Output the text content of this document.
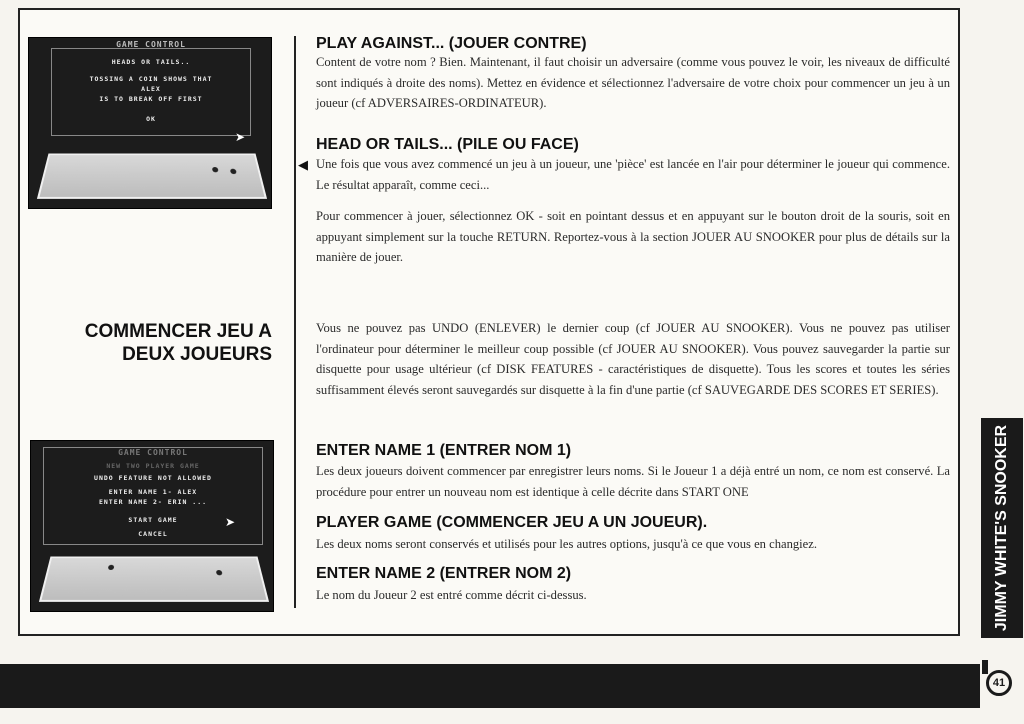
GAME CONTROL
HEADS OR TAILS..
TOSSING A COIN SHOWS THAT
ALEX
IS TO BREAK OFF FIRST
OK
➤
COMMENCER JEU A
DEUX JOUEURS
GAME CONTROL
NEW TWO PLAYER GAME
UNDO FEATURE NOT ALLOWED
ENTER NAME 1- ALEX
ENTER NAME 2- ERIN ...
START GAME
CANCEL
➤
PLAY AGAINST... (JOUER CONTRE)
Content de votre nom ? Bien. Maintenant, il faut choisir un adversaire (comme vous pouvez le voir, les niveaux de difficulté sont indiqués à droite des noms). Mettez en évidence et sélectionnez l'adversaire de votre choix pour commencer un jeu à un joueur (cf ADVERSAIRES-ORDINATEUR).
HEAD OR TAILS... (PILE OU FACE)
◀ Une fois que vous avez commencé un jeu à un joueur, une 'pièce' est lancée en l'air pour déterminer le joueur qui commence. Le résultat apparaît, comme ceci...
Pour commencer à jouer, sélectionnez OK - soit en pointant dessus et en appuyant sur le bouton droit de la souris, soit en appuyant simplement sur la touche RETURN. Reportez-vous à la section JOUER AU SNOOKER pour plus de détails sur la manière de jouer.
Vous ne pouvez pas UNDO (ENLEVER) le dernier coup (cf JOUER AU SNOOKER). Vous ne pouvez pas utiliser l'ordinateur pour déterminer le meilleur coup possible (cf JOUER AU SNOOKER). Vous pouvez sauvegarder la partie sur disquette pour usage ultérieur (cf DISK FEATURES - caractéristiques de disquette). Tous les scores et toutes les séries suffisamment élevés seront sauvegardés sur disquette à la fin d'une partie (cf SAUVEGARDE DES SCORES ET SERIES).
ENTER NAME 1 (ENTRER NOM 1)
Les deux joueurs doivent commencer par enregistrer leurs noms. Si le Joueur 1 a déjà entré un nom, ce nom est conservé. La procédure pour entrer un nouveau nom est identique à celle décrite dans START ONE
PLAYER GAME (COMMENCER JEU A UN JOUEUR).
Les deux noms seront conservés et utilisés pour les autres options, jusqu'à ce que vous en changiez.
ENTER NAME 2 (ENTRER NOM 2)
Le nom du Joueur 2 est entré comme décrit ci-dessus.	JIMMY WHITE'S SNOOKER
41
